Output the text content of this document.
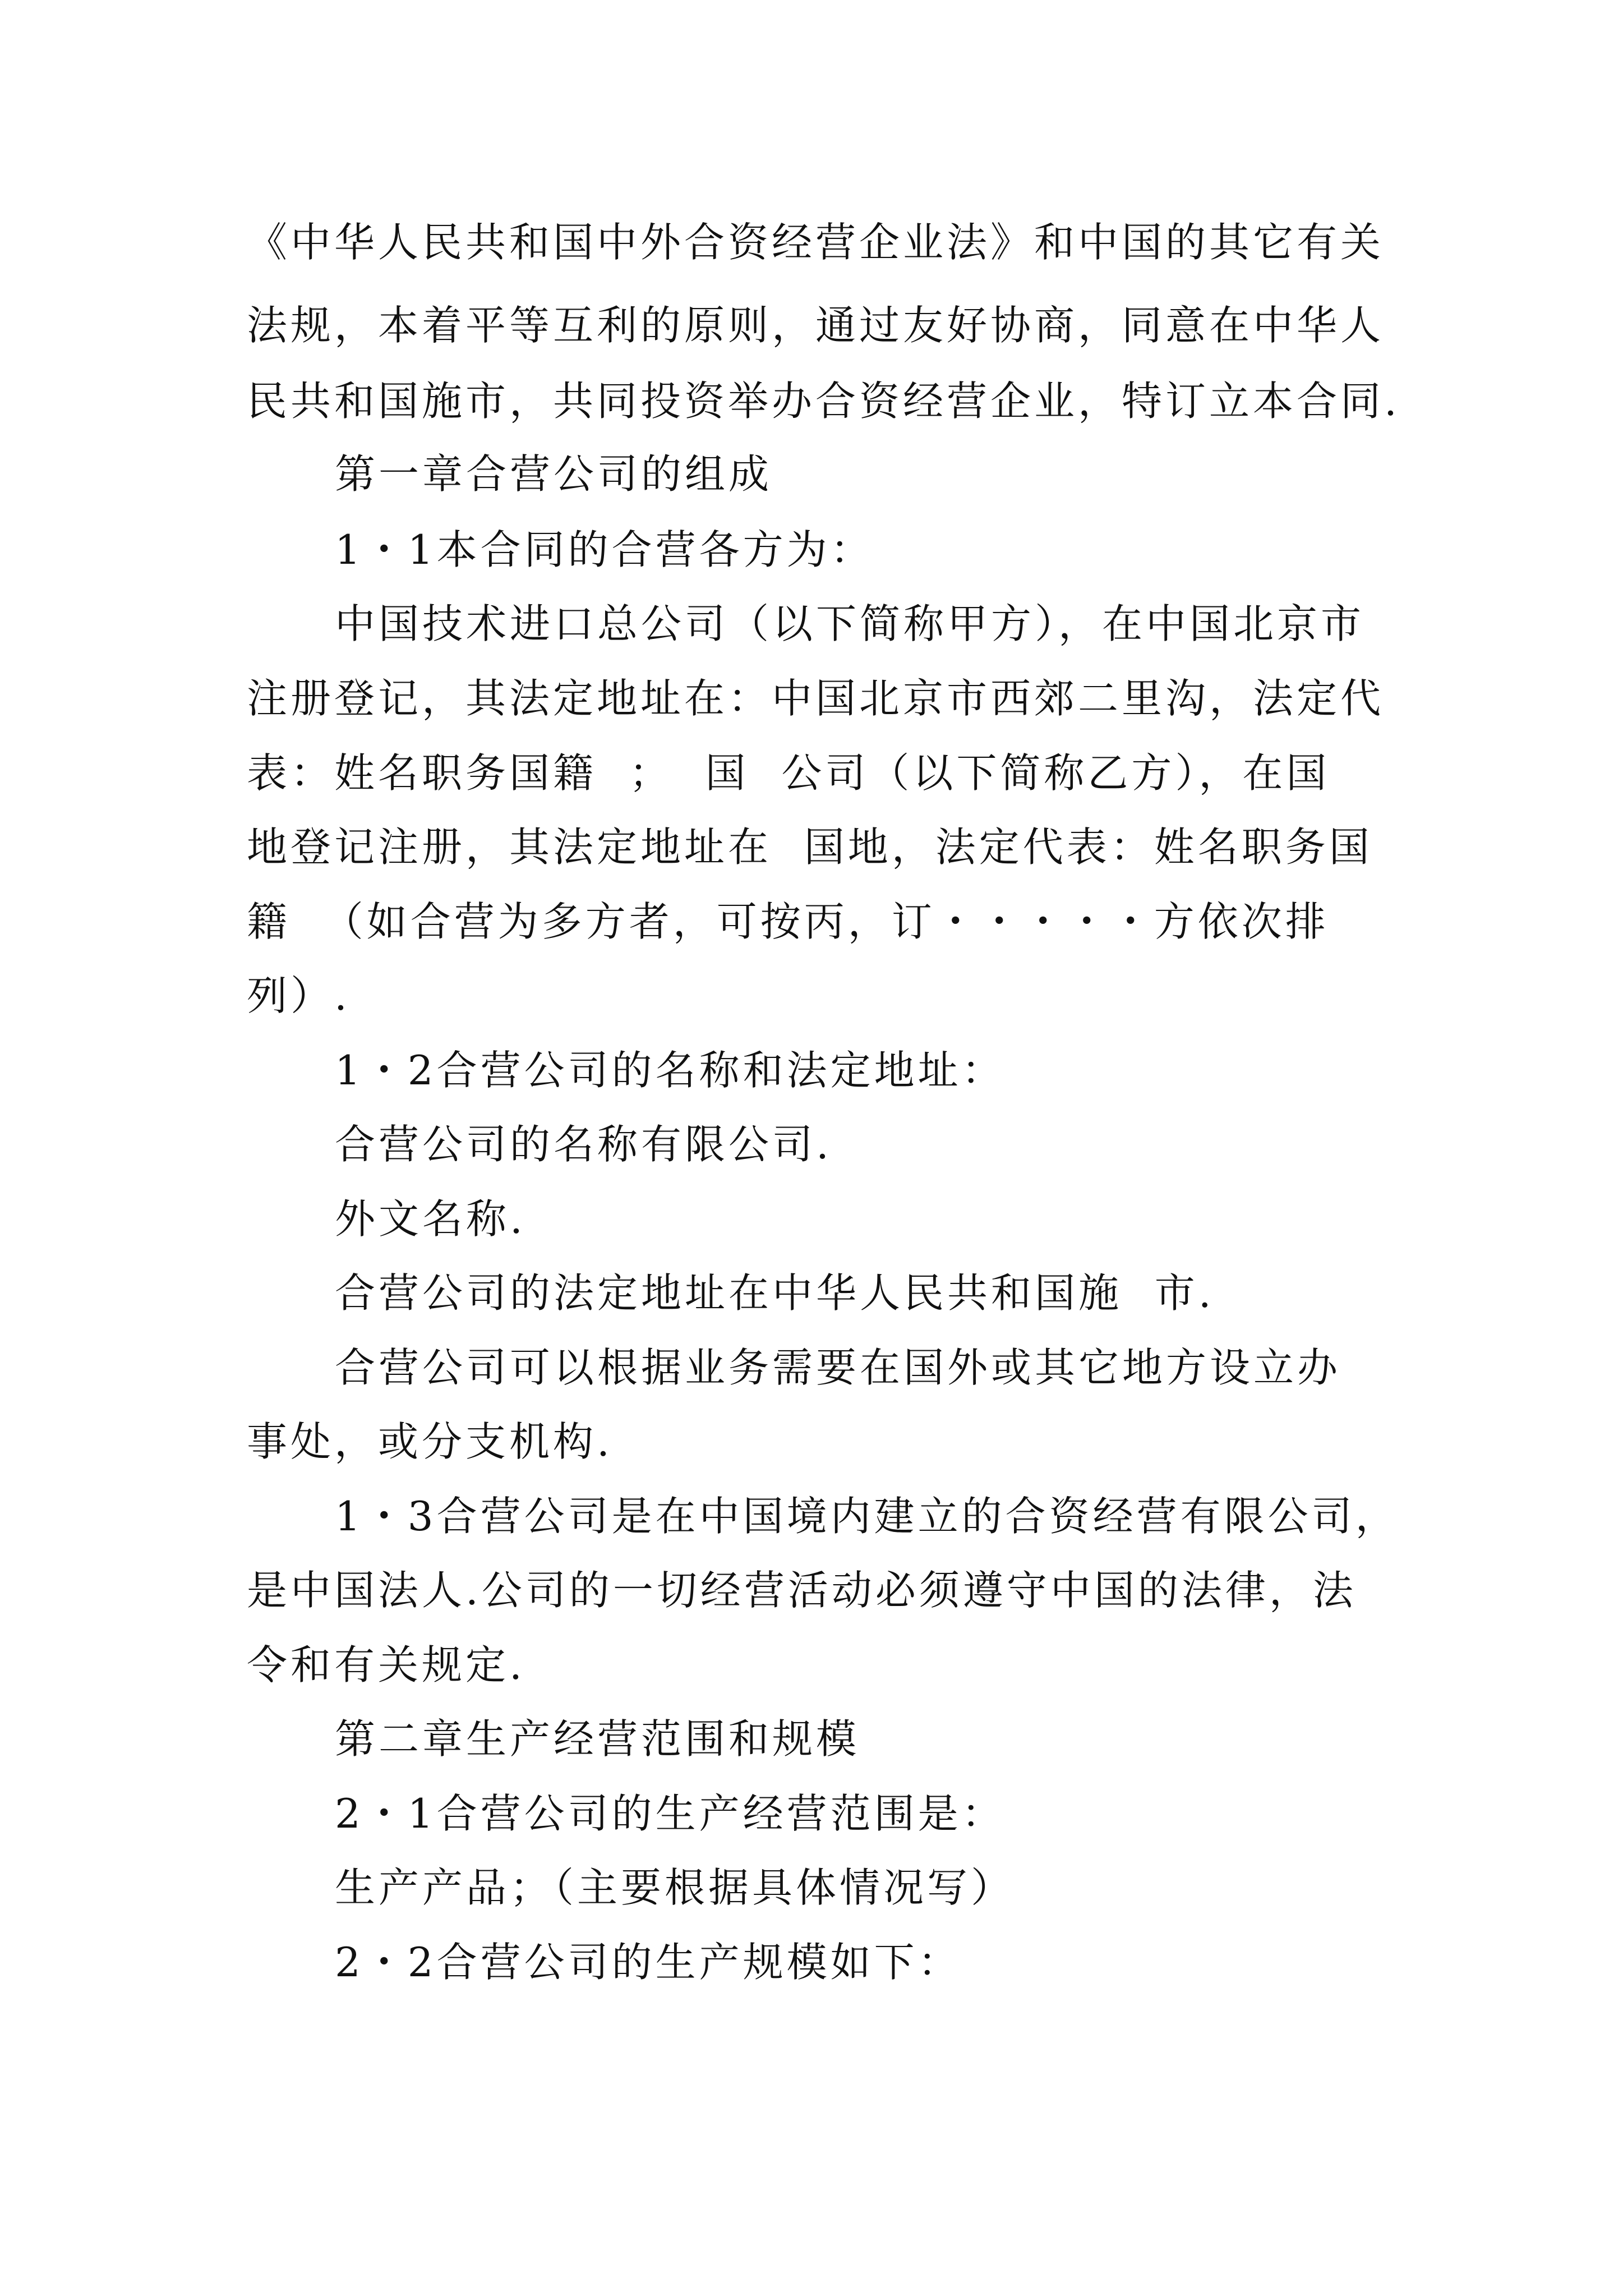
《中华人民共和国中外合资经营企业法》和中国的其它有关
法规，本着平等互利的原则，通过友好协商，同意在中华人
民共和国施市，共同投资举办合资经营企业，特订立本合同.
第一章合营公司的组成
1・1本合同的合营各方为：
中国技术进口总公司（以下简称甲方），在中国北京市
注册登记，其法定地址在：中国北京市西郊二里沟，法定代
表：姓名职务国籍  ；  国  公司（以下简称乙方），在国
地登记注册，其法定地址在  国地，法定代表：姓名职务国
籍  （如合营为多方者，可按丙，订・・・・・方依次排
列）.
1・2合营公司的名称和法定地址：
合营公司的名称有限公司.
外文名称.
合营公司的法定地址在中华人民共和国施  市.
合营公司可以根据业务需要在国外或其它地方设立办
事处，或分支机构.
1・3合营公司是在中国境内建立的合资经营有限公司，
是中国法人.公司的一切经营活动必须遵守中国的法律，法
令和有关规定.
第二章生产经营范围和规模
2・1合营公司的生产经营范围是：
生产产品；（主要根据具体情况写）
2・2合营公司的生产规模如下：
